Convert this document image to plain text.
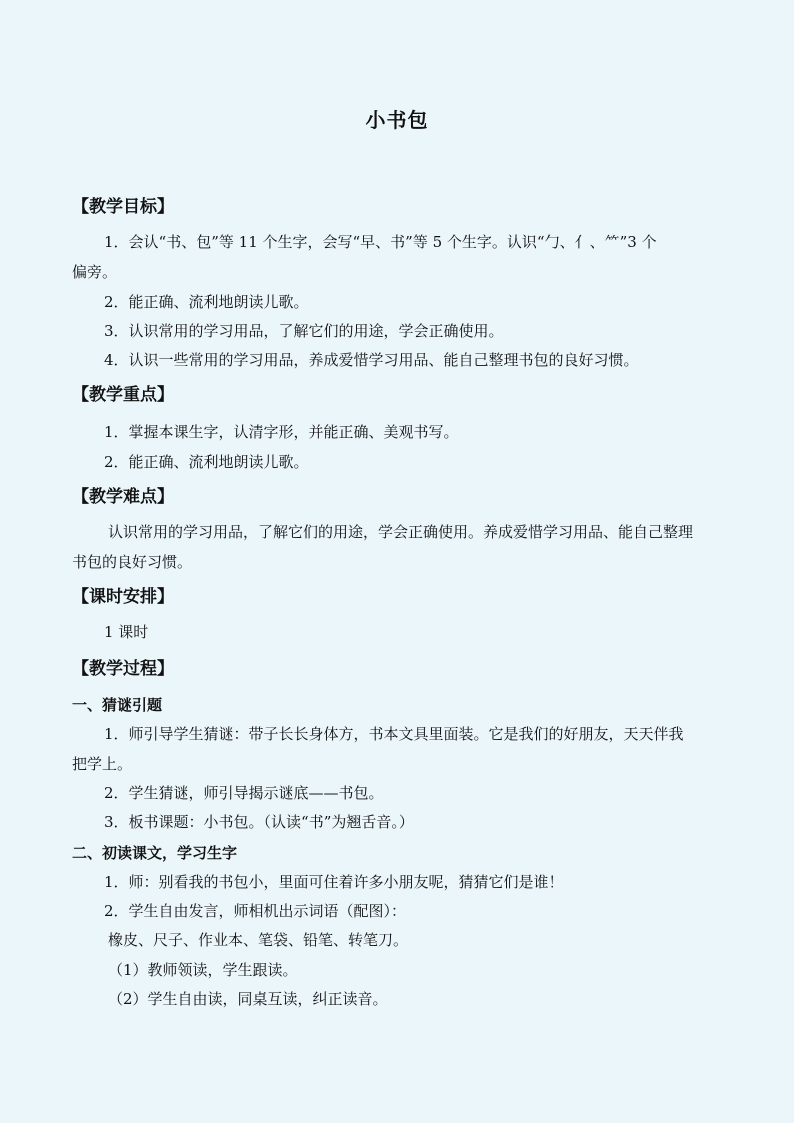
小书包
【教学目标】
1．会认“书、包”等 11 个生字，会写“早、书”等 5 个生字。认识“勹、亻、⺮”3 个
偏旁。
2．能正确、流利地朗读儿歌。
3．认识常用的学习用品，了解它们的用途，学会正确使用。
4．认识一些常用的学习用品，养成爱惜学习用品、能自己整理书包的良好习惯。
【教学重点】
1．掌握本课生字，认清字形，并能正确、美观书写。
2．能正确、流利地朗读儿歌。
【教学难点】
认识常用的学习用品，了解它们的用途，学会正确使用。养成爱惜学习用品、能自己整理
书包的良好习惯。
【课时安排】
1 课时
【教学过程】
一、猜谜引题
1．师引导学生猜谜：带子长长身体方，书本文具里面装。它是我们的好朋友，天天伴我
把学上。
2．学生猜谜，师引导揭示谜底——书包。
3．板书课题：小书包。（认读“书”为翘舌音。）
二、初读课文，学习生字
1．师：别看我的书包小，里面可住着许多小朋友呢，猜猜它们是谁！
2．学生自由发言，师相机出示词语（配图）：
橡皮、尺子、作业本、笔袋、铅笔、转笔刀。
（1）教师领读，学生跟读。
（2）学生自由读，同桌互读，纠正读音。
